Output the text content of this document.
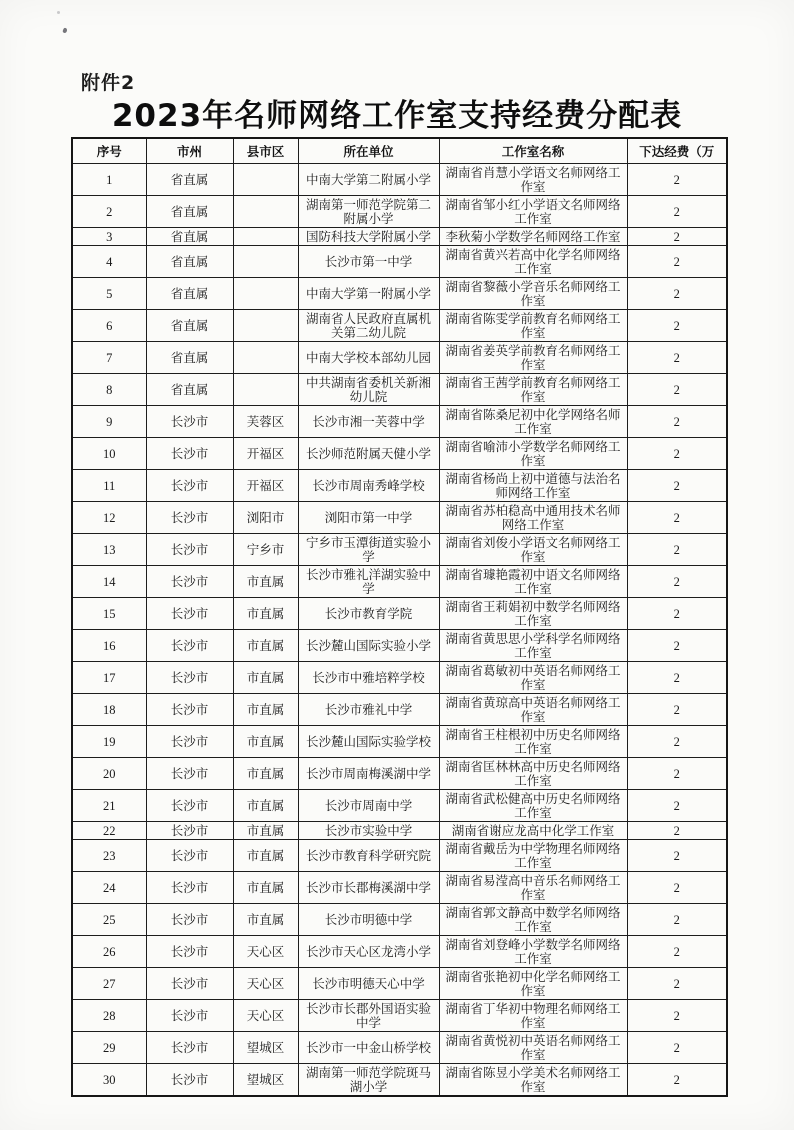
附件2
2023年名师网络工作室支持经费分配表
序号	市州	县市区	所在单位	工作室名称	下达经费（万
1	省直属		中南大学第二附属小学	湖南省肖慧小学语文名师网络工作室	2
2	省直属		湖南第一师范学院第二附属小学	湖南省邹小红小学语文名师网络工作室	2
3	省直属		国防科技大学附属小学	李秋菊小学数学名师网络工作室	2
4	省直属		长沙市第一中学	湖南省黄兴若高中化学名师网络工作室	2
5	省直属		中南大学第一附属小学	湖南省黎薇小学音乐名师网络工作室	2
6	省直属		湖南省人民政府直属机关第二幼儿院	湖南省陈雯学前教育名师网络工作室	2
7	省直属		中南大学校本部幼儿园	湖南省姜英学前教育名师网络工作室	2
8	省直属		中共湖南省委机关新湘幼儿院	湖南省王茜学前教育名师网络工作室	2
9	长沙市	芙蓉区	长沙市湘一芙蓉中学	湖南省陈桑尼初中化学网络名师工作室	2
10	长沙市	开福区	长沙师范附属天健小学	湖南省喻沛小学数学名师网络工作室	2
11	长沙市	开福区	长沙市周南秀峰学校	湖南省杨尚上初中道德与法治名师网络工作室	2
12	长沙市	浏阳市	浏阳市第一中学	湖南省苏柏稳高中通用技术名师网络工作室	2
13	长沙市	宁乡市	宁乡市玉潭街道实验小学	湖南省刘俊小学语文名师网络工作室	2
14	长沙市	市直属	长沙市雅礼洋湖实验中学	湖南省璩艳霞初中语文名师网络工作室	2
15	长沙市	市直属	长沙市教育学院	湖南省王莉娟初中数学名师网络工作室	2
16	长沙市	市直属	长沙麓山国际实验小学	湖南省黄思思小学科学名师网络工作室	2
17	长沙市	市直属	长沙市中雅培粹学校	湖南省葛敏初中英语名师网络工作室	2
18	长沙市	市直属	长沙市雅礼中学	湖南省黄琼高中英语名师网络工作室	2
19	长沙市	市直属	长沙麓山国际实验学校	湖南省王柱根初中历史名师网络工作室	2
20	长沙市	市直属	长沙市周南梅溪湖中学	湖南省匡林林高中历史名师网络工作室	2
21	长沙市	市直属	长沙市周南中学	湖南省武松健高中历史名师网络工作室	2
22	长沙市	市直属	长沙市实验中学	湖南省谢应龙高中化学工作室	2
23	长沙市	市直属	长沙市教育科学研究院	湖南省戴岳为中学物理名师网络工作室	2
24	长沙市	市直属	长沙市长郡梅溪湖中学	湖南省易滢高中音乐名师网络工作室	2
25	长沙市	市直属	长沙市明德中学	湖南省郭文静高中数学名师网络工作室	2
26	长沙市	天心区	长沙市天心区龙湾小学	湖南省刘登峰小学数学名师网络工作室	2
27	长沙市	天心区	长沙市明德天心中学	湖南省张艳初中化学名师网络工作室	2
28	长沙市	天心区	长沙市长郡外国语实验中学	湖南省丁华初中物理名师网络工作室	2
29	长沙市	望城区	长沙市一中金山桥学校	湖南省黄悦初中英语名师网络工作室	2
30	长沙市	望城区	湖南第一师范学院斑马湖小学	湖南省陈昱小学美术名师网络工作室	2
